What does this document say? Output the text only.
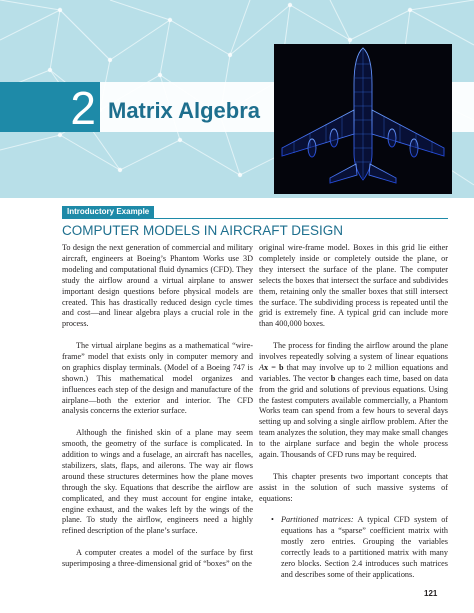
2 Matrix Algebra
Introductory Example
COMPUTER MODELS IN AIRCRAFT DESIGN

To design the next generation of commercial and military aircraft, engineers at Boeing’s Phantom Works use 3D modeling and computational fluid dynamics (CFD). They study the airflow around a virtual airplane to answer important design questions before physical models are created. This has drastically reduced design cycle times and cost—and linear algebra plays a crucial role in the process.

The virtual airplane begins as a mathematical “wire-frame” model that exists only in computer memory and on graphics display terminals. (Model of a Boeing 747 is shown.) This mathematical model organizes and influences each step of the design and manufacture of the airplane—both the exterior and interior. The CFD analysis concerns the exterior surface.

Although the finished skin of a plane may seem smooth, the geometry of the surface is complicated. In addition to wings and a fuselage, an aircraft has nacelles, stabilizers, slats, flaps, and ailerons. The way air flows around these structures determines how the plane moves through the sky. Equations that describe the airflow are complicated, and they must account for engine intake, engine exhaust, and the wakes left by the wings of the plane. To study the airflow, engineers need a highly refined description of the plane’s surface.

A computer creates a model of the surface by first superimposing a three-dimensional grid of “boxes” on the

original wire-frame model. Boxes in this grid lie either completely inside or completely outside the plane, or they intersect the surface of the plane. The computer selects the boxes that intersect the surface and subdivides them, retaining only the smaller boxes that still intersect the surface. The subdividing process is repeated until the grid is extremely fine. A typical grid can include more than 400,000 boxes.

The process for finding the airflow around the plane involves repeatedly solving a system of linear equations Ax = b that may involve up to 2 million equations and variables. The vector b changes each time, based on data from the grid and solutions of previous equations. Using the fastest computers available commercially, a Phantom Works team can spend from a few hours to several days setting up and solving a single airflow problem. After the team analyzes the solution, they may make small changes to the airplane surface and begin the whole process again. Thousands of CFD runs may be required.

This chapter presents two important concepts that assist in the solution of such massive systems of equations:

• Partitioned matrices: A typical CFD system of equations has a “sparse” coefficient matrix with mostly zero entries. Grouping the variables correctly leads to a partitioned matrix with many zero blocks. Section 2.4 introduces such matrices and describes some of their applications.
121
